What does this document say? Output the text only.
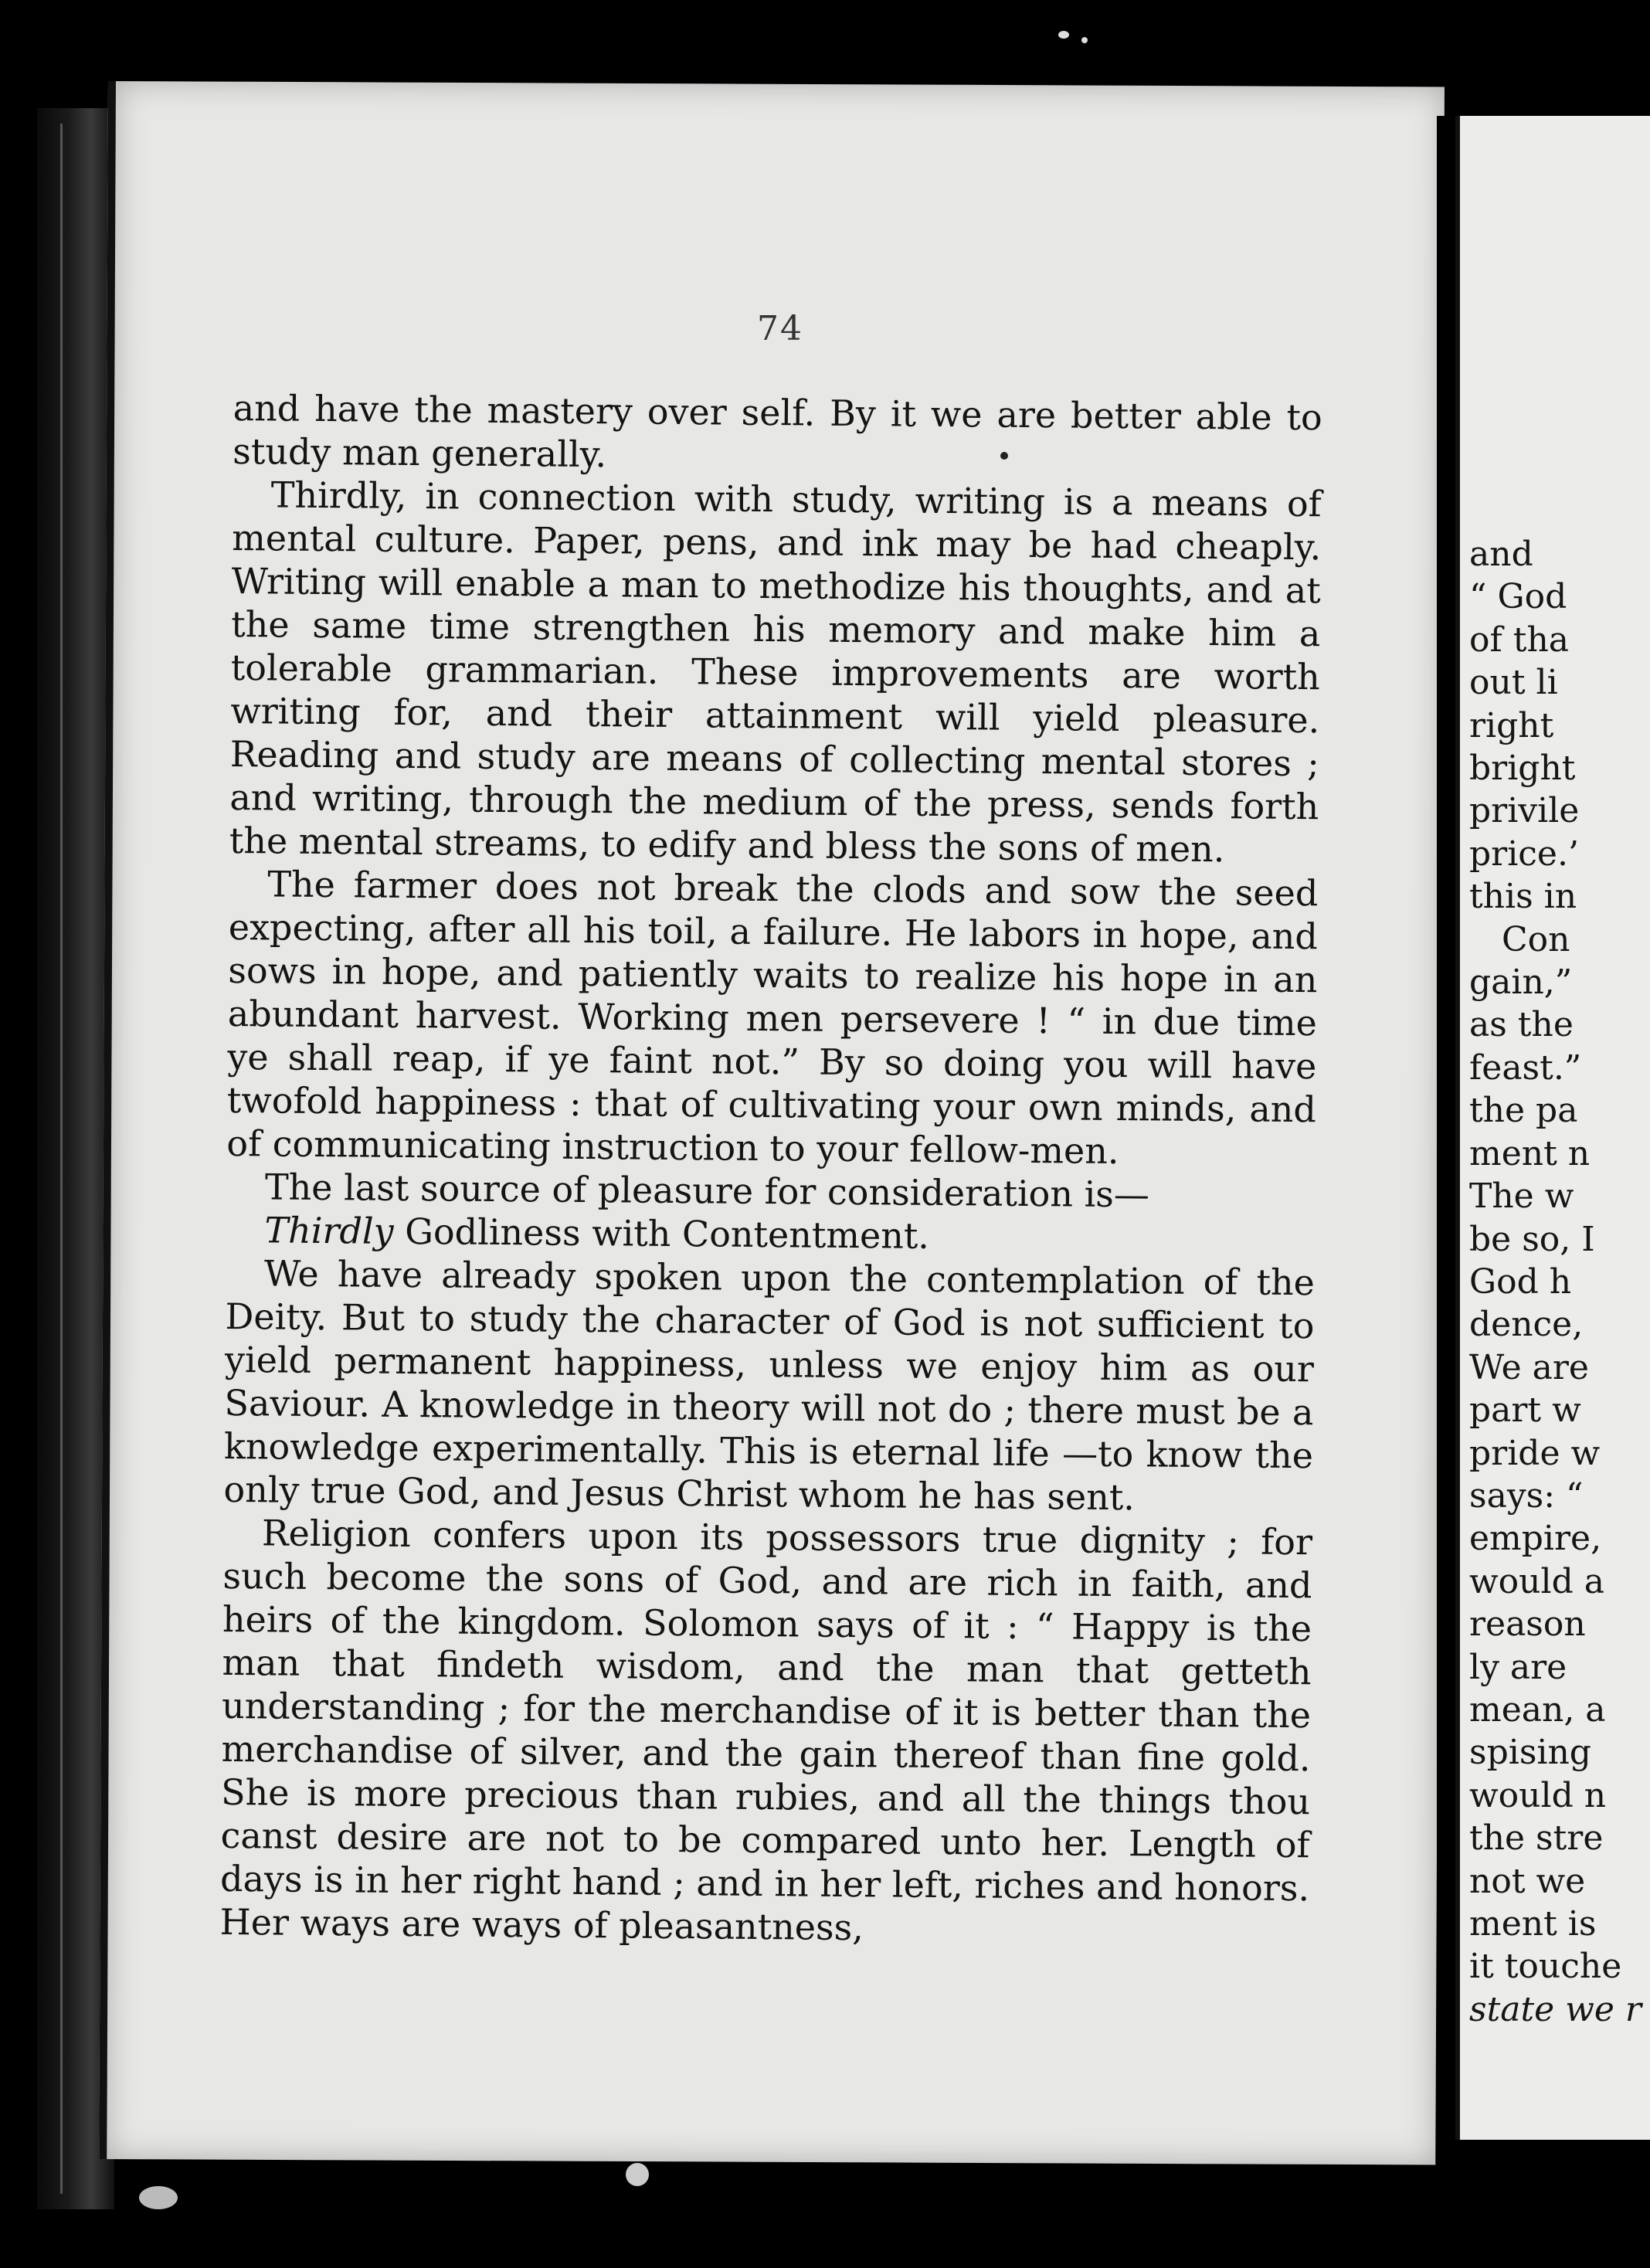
74

and have the mastery over self. By it we are better able to study man generally.

Thirdly, in connection with study, writing is a means of mental culture. Paper, pens, and ink may be had cheaply. Writing will enable a man to methodize his thoughts, and at the same time strengthen his memory and make him a tolerable grammarian. These improvements are worth writing for, and their attainment will yield pleasure. Reading and study are means of collecting mental stores ; and writing, through the medium of the press, sends forth the mental streams, to edify and bless the sons of men.

The farmer does not break the clods and sow the seed expecting, after all his toil, a failure. He labors in hope, and sows in hope, and patiently waits to realize his hope in an abundant harvest. Working men persevere ! “ in due time ye shall reap, if ye faint not.” By so doing you will have twofold happiness : that of cultivating your own minds, and of communicating instruction to your fellow-men.

The last source of pleasure for consideration is—

Thirdly Godliness with Contentment.

We have already spoken upon the contemplation of the Deity. But to study the character of God is not sufficient to yield permanent happiness, unless we enjoy him as our Saviour. A knowledge in theory will not do ; there must be a knowledge experimentally. This is eternal life —to know the only true God, and Jesus Christ whom he has sent.

Religion confers upon its possessors true dignity ; for such become the sons of God, and are rich in faith, and heirs of the kingdom. Solomon says of it : “ Happy is the man that findeth wisdom, and the man that getteth understanding ; for the merchandise of it is better than the merchandise of silver, and the gain thereof than fine gold. She is more precious than rubies, and all the things thou canst desire are not to be compared unto her. Length of days is in her right hand ; and in her left, riches and honors. Her ways are ways of pleasantness,

and
“ God
of tha
out li
right
bright
privile
price.’
this in
Con
gain,”
as the
feast.”
the pa
ment n
The w
be so, I
God h
dence,
We are
part w
pride w
says: “
empire,
would a
reason
ly are
mean, a
spising
would n
the stre
not we
ment is
it touche
state we r
